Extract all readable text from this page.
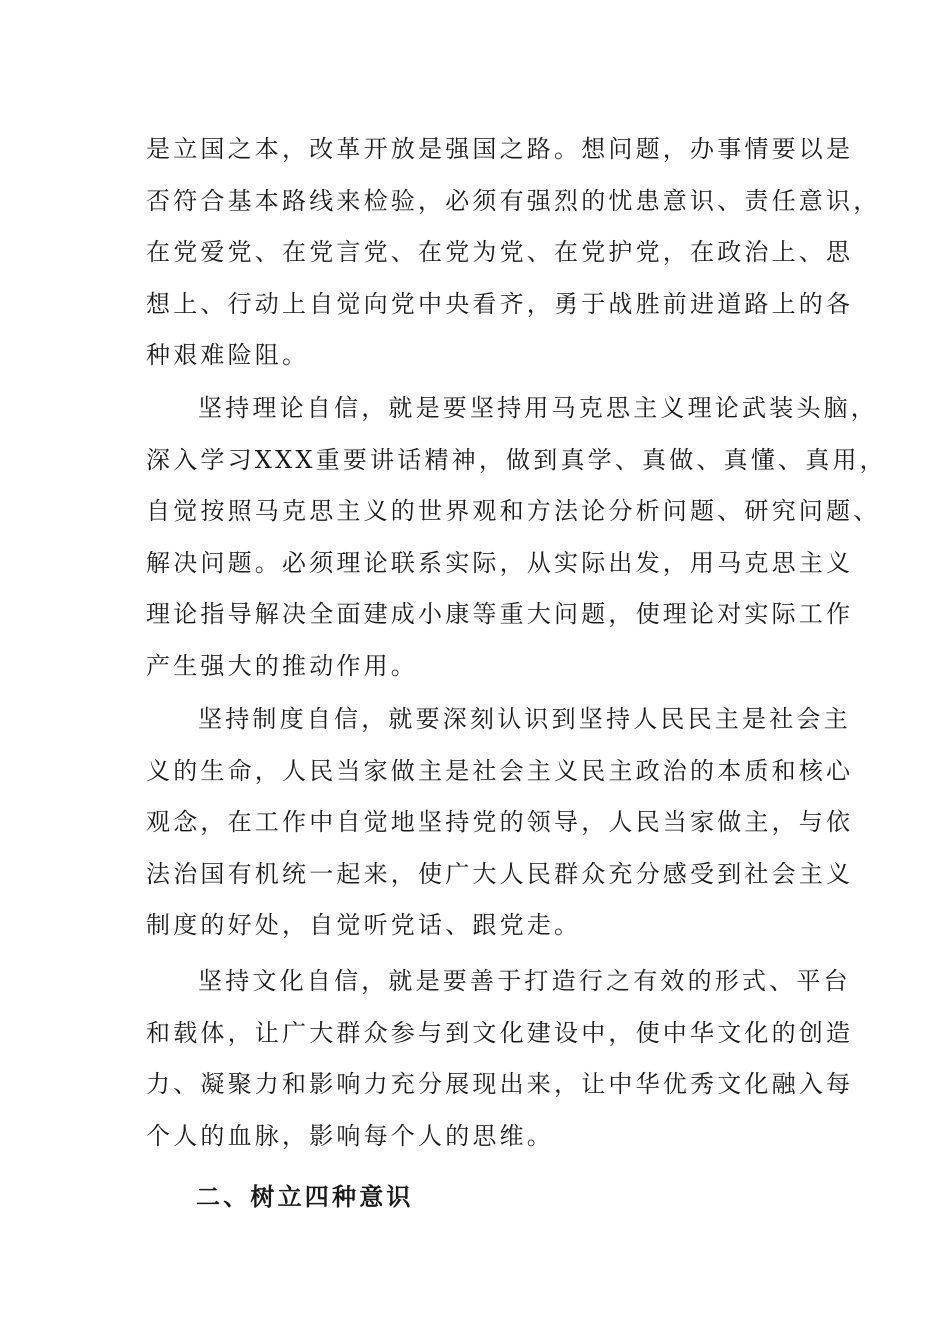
是立国之本，改革开放是强国之路。想问题，办事情要以是
否符合基本路线来检验，必须有强烈的忧患意识、责任意识，
在党爱党、在党言党、在党为党、在党护党，在政治上、思
想上、行动上自觉向党中央看齐，勇于战胜前进道路上的各
种艰难险阻。
坚持理论自信，就是要坚持用马克思主义理论武装头脑，
深入学习XXX重要讲话精神，做到真学、真做、真懂、真用，
自觉按照马克思主义的世界观和方法论分析问题、研究问题、
解决问题。必须理论联系实际，从实际出发，用马克思主义
理论指导解决全面建成小康等重大问题，使理论对实际工作
产生强大的推动作用。
坚持制度自信，就要深刻认识到坚持人民民主是社会主
义的生命，人民当家做主是社会主义民主政治的本质和核心
观念，在工作中自觉地坚持党的领导，人民当家做主，与依
法治国有机统一起来，使广大人民群众充分感受到社会主义
制度的好处，自觉听党话、跟党走。
坚持文化自信，就是要善于打造行之有效的形式、平台
和载体，让广大群众参与到文化建设中，使中华文化的创造
力、凝聚力和影响力充分展现出来，让中华优秀文化融入每
个人的血脉，影响每个人的思维。
二、树立四种意识
